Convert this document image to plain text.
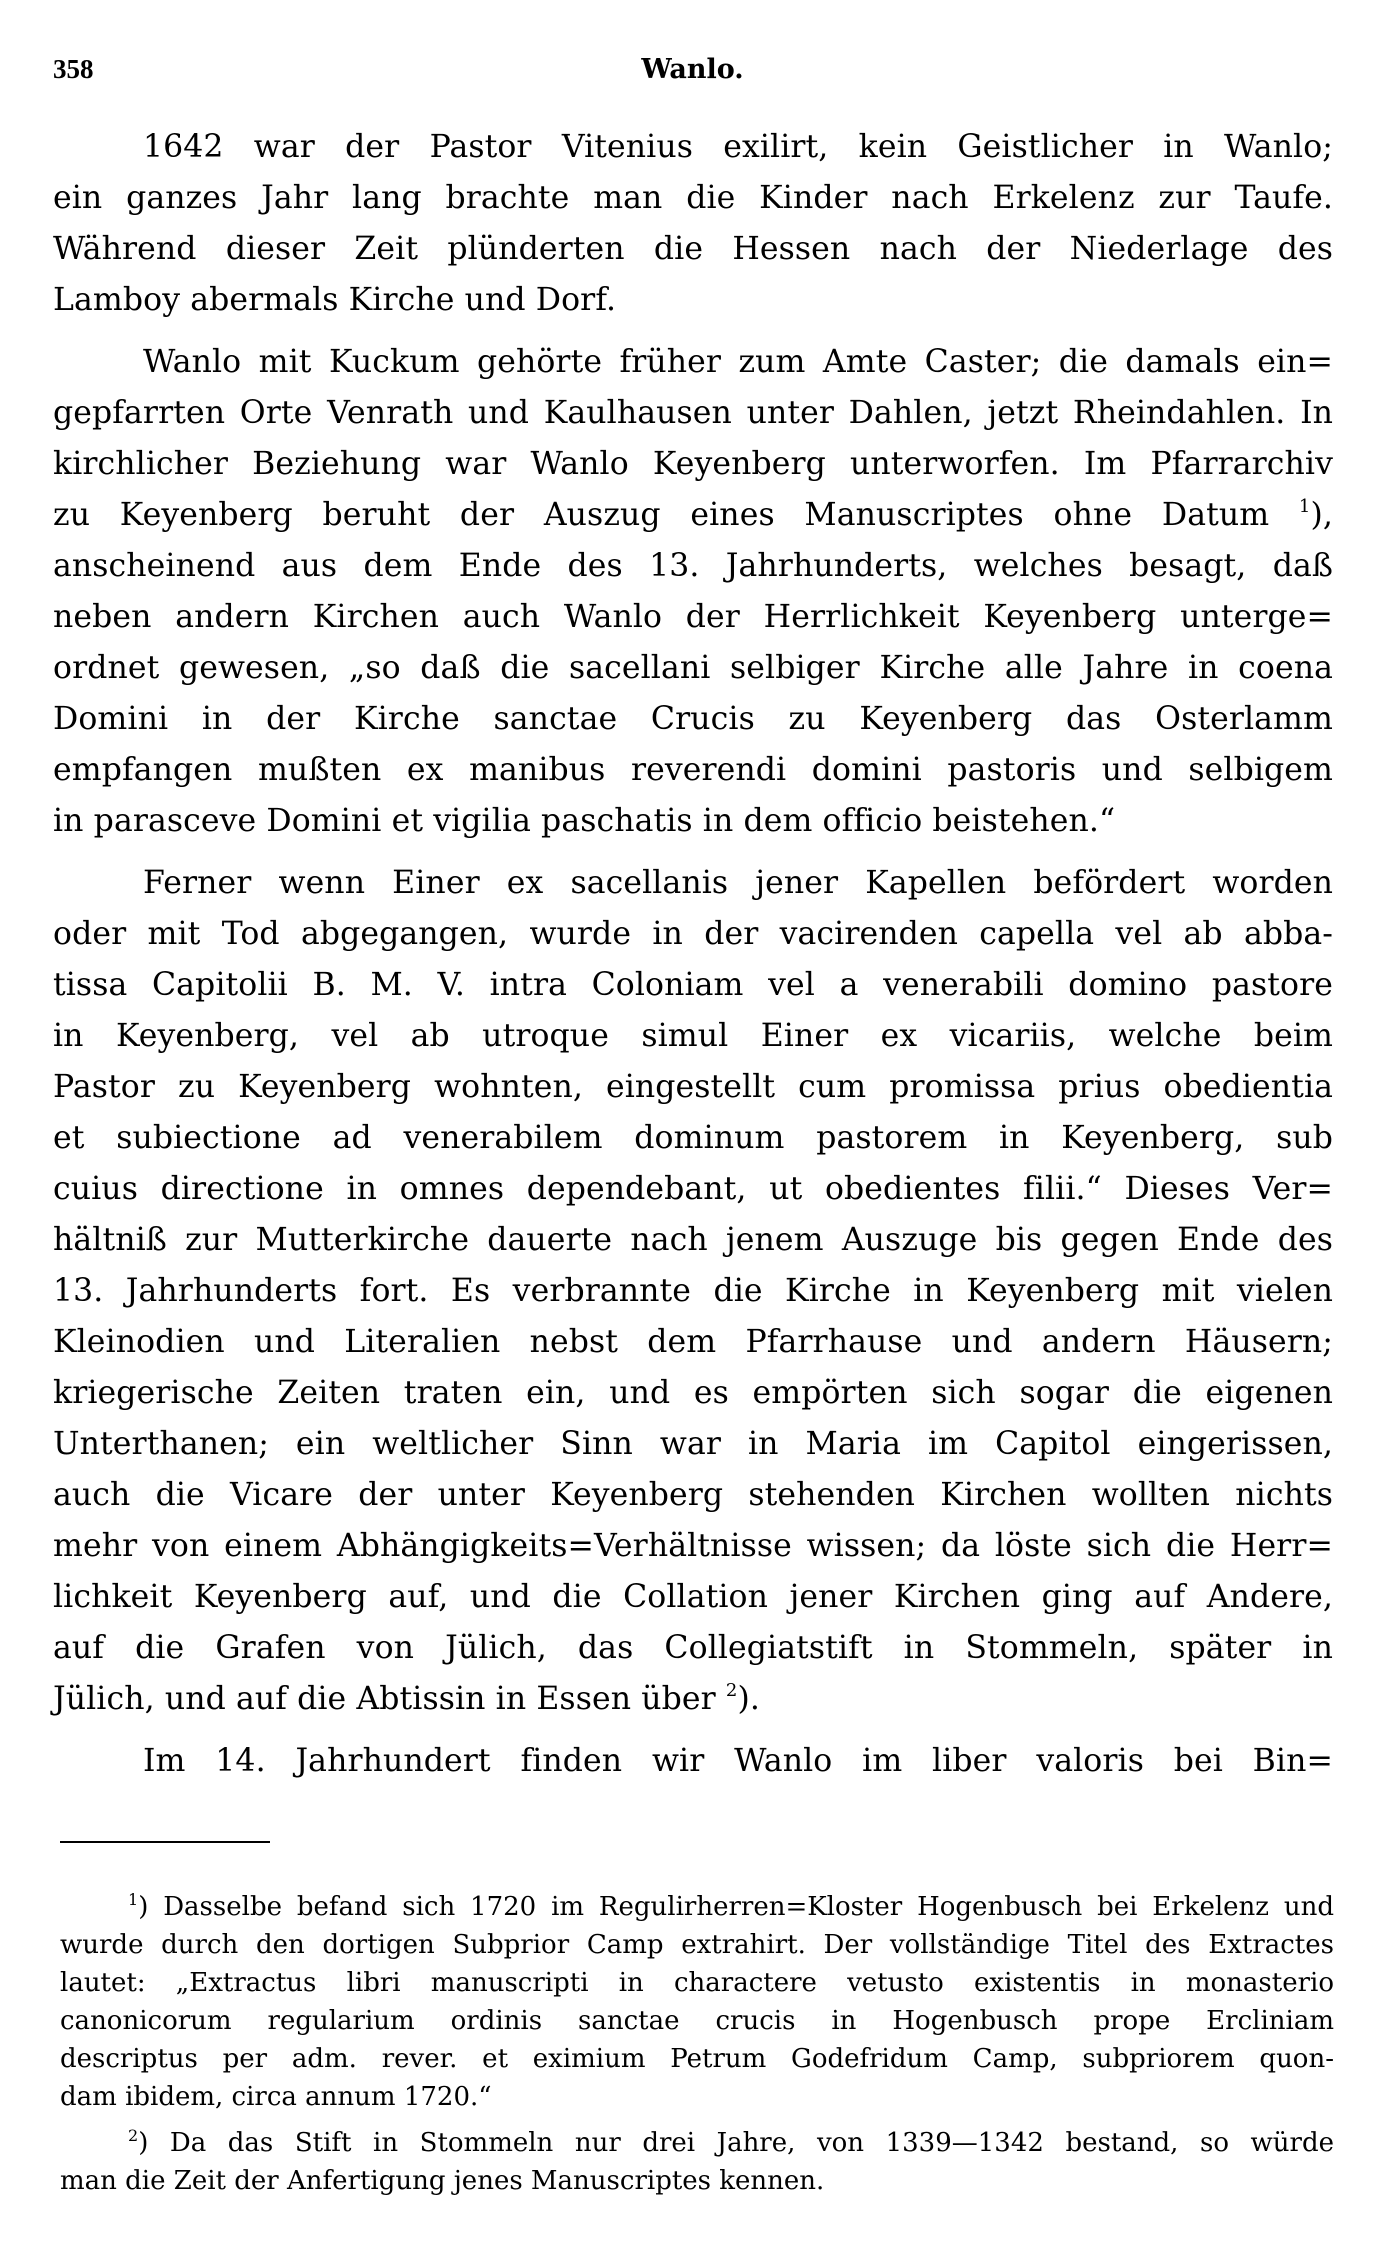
358	Wanlo.
1642 war der Pastor Vitenius exilirt, kein Geistlicher in Wanlo;
ein ganzes Jahr lang brachte man die Kinder nach Erkelenz zur Taufe.
Während dieser Zeit plünderten die Hessen nach der Niederlage des
Lamboy abermals Kirche und Dorf.
Wanlo mit Kuckum gehörte früher zum Amte Caster; die damals ein=
gepfarrten Orte Venrath und Kaulhausen unter Dahlen, jetzt Rheindahlen. In
kirchlicher Beziehung war Wanlo Keyenberg unterworfen. Im Pfarrarchiv
zu Keyenberg beruht der Auszug eines Manuscriptes ohne Datum $^1$),
anscheinend aus dem Ende des 13. Jahrhunderts, welches besagt, daß
neben andern Kirchen auch Wanlo der Herrlichkeit Keyenberg unterge=
ordnet gewesen, „so daß die sacellani selbiger Kirche alle Jahre in coena
Domini in der Kirche sanctae Crucis zu Keyenberg das Osterlamm
empfangen mußten ex manibus reverendi domini pastoris und selbigem
in parasceve Domini et vigilia paschatis in dem officio beistehen.“
Ferner wenn Einer ex sacellanis jener Kapellen befördert worden
oder mit Tod abgegangen, wurde in der vacirenden capella vel ab abba-
tissa Capitolii B. M. V. intra Coloniam vel a venerabili domino pastore
in Keyenberg, vel ab utroque simul Einer ex vicariis, welche beim
Pastor zu Keyenberg wohnten, eingestellt cum promissa prius obedientia
et subiectione ad venerabilem dominum pastorem in Keyenberg, sub
cuius directione in omnes dependebant, ut obedientes filii.“ Dieses Ver=
hältniß zur Mutterkirche dauerte nach jenem Auszuge bis gegen Ende des
13. Jahrhunderts fort. Es verbrannte die Kirche in Keyenberg mit vielen
Kleinodien und Literalien nebst dem Pfarrhause und andern Häusern;
kriegerische Zeiten traten ein, und es empörten sich sogar die eigenen
Unterthanen; ein weltlicher Sinn war in Maria im Capitol eingerissen,
auch die Vicare der unter Keyenberg stehenden Kirchen wollten nichts
mehr von einem Abhängigkeits=Verhältnisse wissen; da löste sich die Herr=
lichkeit Keyenberg auf, und die Collation jener Kirchen ging auf Andere,
auf die Grafen von Jülich, das Collegiatstift in Stommeln, später in
Jülich, und auf die Abtissin in Essen über $^2$).
Im 14. Jahrhundert finden wir Wanlo im liber valoris bei Bin=
$^1$) Dasselbe befand sich 1720 im Regulirherren=Kloster Hogenbusch bei Erkelenz und
wurde durch den dortigen Subprior Camp extrahirt. Der vollständige Titel des Extractes
lautet: „Extractus libri manuscripti in charactere vetusto existentis in monasterio
canonicorum regularium ordinis sanctae crucis in Hogenbusch prope Ercliniam
descriptus per adm. rever. et eximium Petrum Godefridum Camp, subpriorem quon-
dam ibidem, circa annum 1720.“
$^2$) Da das Stift in Stommeln nur drei Jahre, von 1339—1342 bestand, so würde
man die Zeit der Anfertigung jenes Manuscriptes kennen.
